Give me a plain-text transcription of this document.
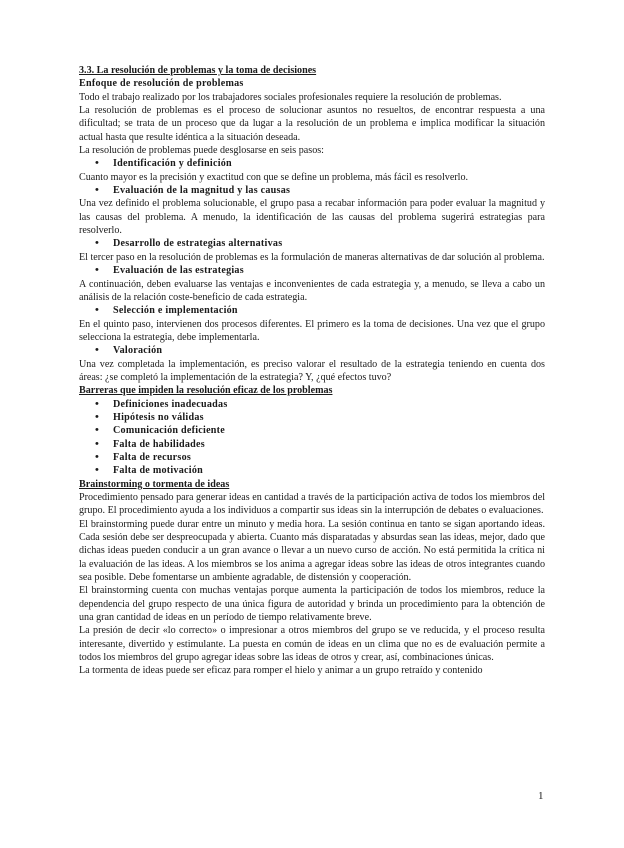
3.3. La resolución de problemas y la toma de decisiones

Enfoque de resolución de problemas

Todo el trabajo realizado por los trabajadores sociales profesionales requiere la resolución de problemas.

La resolución de problemas es el proceso de solucionar asuntos no resueltos, de encontrar respuesta a una dificultad; se trata de un proceso que da lugar a la resolución de un problema e implica modificar la situación actual hasta que resulte idéntica a la situación deseada.

La resolución de problemas puede desglosarse en seis pasos:

• Identificación y definición

Cuanto mayor es la precisión y exactitud con que se define un problema, más fácil es resolverlo.

• Evaluación de la magnitud y las causas

Una vez definido el problema solucionable, el grupo pasa a recabar información para poder evaluar la magnitud y las causas del problema. A menudo, la identificación de las causas del problema sugerirá estrategias para resolverlo.

• Desarrollo de estrategias alternativas

El tercer paso en la resolución de problemas es la formulación de maneras alternativas de dar solución al problema.

• Evaluación de las estrategias

A continuación, deben evaluarse las ventajas e inconvenientes de cada estrategia y, a menudo, se lleva a cabo un análisis de la relación coste-beneficio de cada estrategia.

• Selección e implementación

En el quinto paso, intervienen dos procesos diferentes. El primero es la toma de decisiones. Una vez que el grupo selecciona la estrategia, debe implementarla.

• Valoración

Una vez completada la implementación, es preciso valorar el resultado de la estrategia teniendo en cuenta dos áreas: ¿se completó la implementación de la estrategia? Y, ¿qué efectos tuvo?

Barreras que impiden la resolución eficaz de los problemas

• Definiciones inadecuadas
• Hipótesis no válidas
• Comunicación deficiente
• Falta de habilidades
• Falta de recursos
• Falta de motivación

Brainstorming o tormenta de ideas

Procedimiento pensado para generar ideas en cantidad a través de la participación activa de todos los miembros del grupo. El procedimiento ayuda a los individuos a compartir sus ideas sin la interrupción de debates o evaluaciones.

El brainstorming puede durar entre un minuto y media hora. La sesión continua en tanto se sigan aportando ideas. Cada sesión debe ser despreocupada y abierta. Cuanto más disparatadas y absurdas sean las ideas, mejor, dado que dichas ideas pueden conducir a un gran avance o llevar a un nuevo curso de acción. No está permitida la crítica ni la evaluación de las ideas. A los miembros se los anima a agregar ideas sobre las ideas de otros integrantes cuando sea posible. Debe fomentarse un ambiente agradable, de distensión y cooperación.

El brainstorming cuenta con muchas ventajas porque aumenta la participación de todos los miembros, reduce la dependencia del grupo respecto de una única figura de autoridad y brinda un procedimiento para la obtención de una gran cantidad de ideas en un período de tiempo relativamente breve.

La presión de decir «lo correcto» o impresionar a otros miembros del grupo se ve reducida, y el proceso resulta interesante, divertido y estimulante. La puesta en común de ideas en un clima que no es de evaluación permite a todos los miembros del grupo agregar ideas sobre las ideas de otros y crear, así, combinaciones únicas.

La tormenta de ideas puede ser eficaz para romper el hielo y animar a un grupo retraído y contenido

1
